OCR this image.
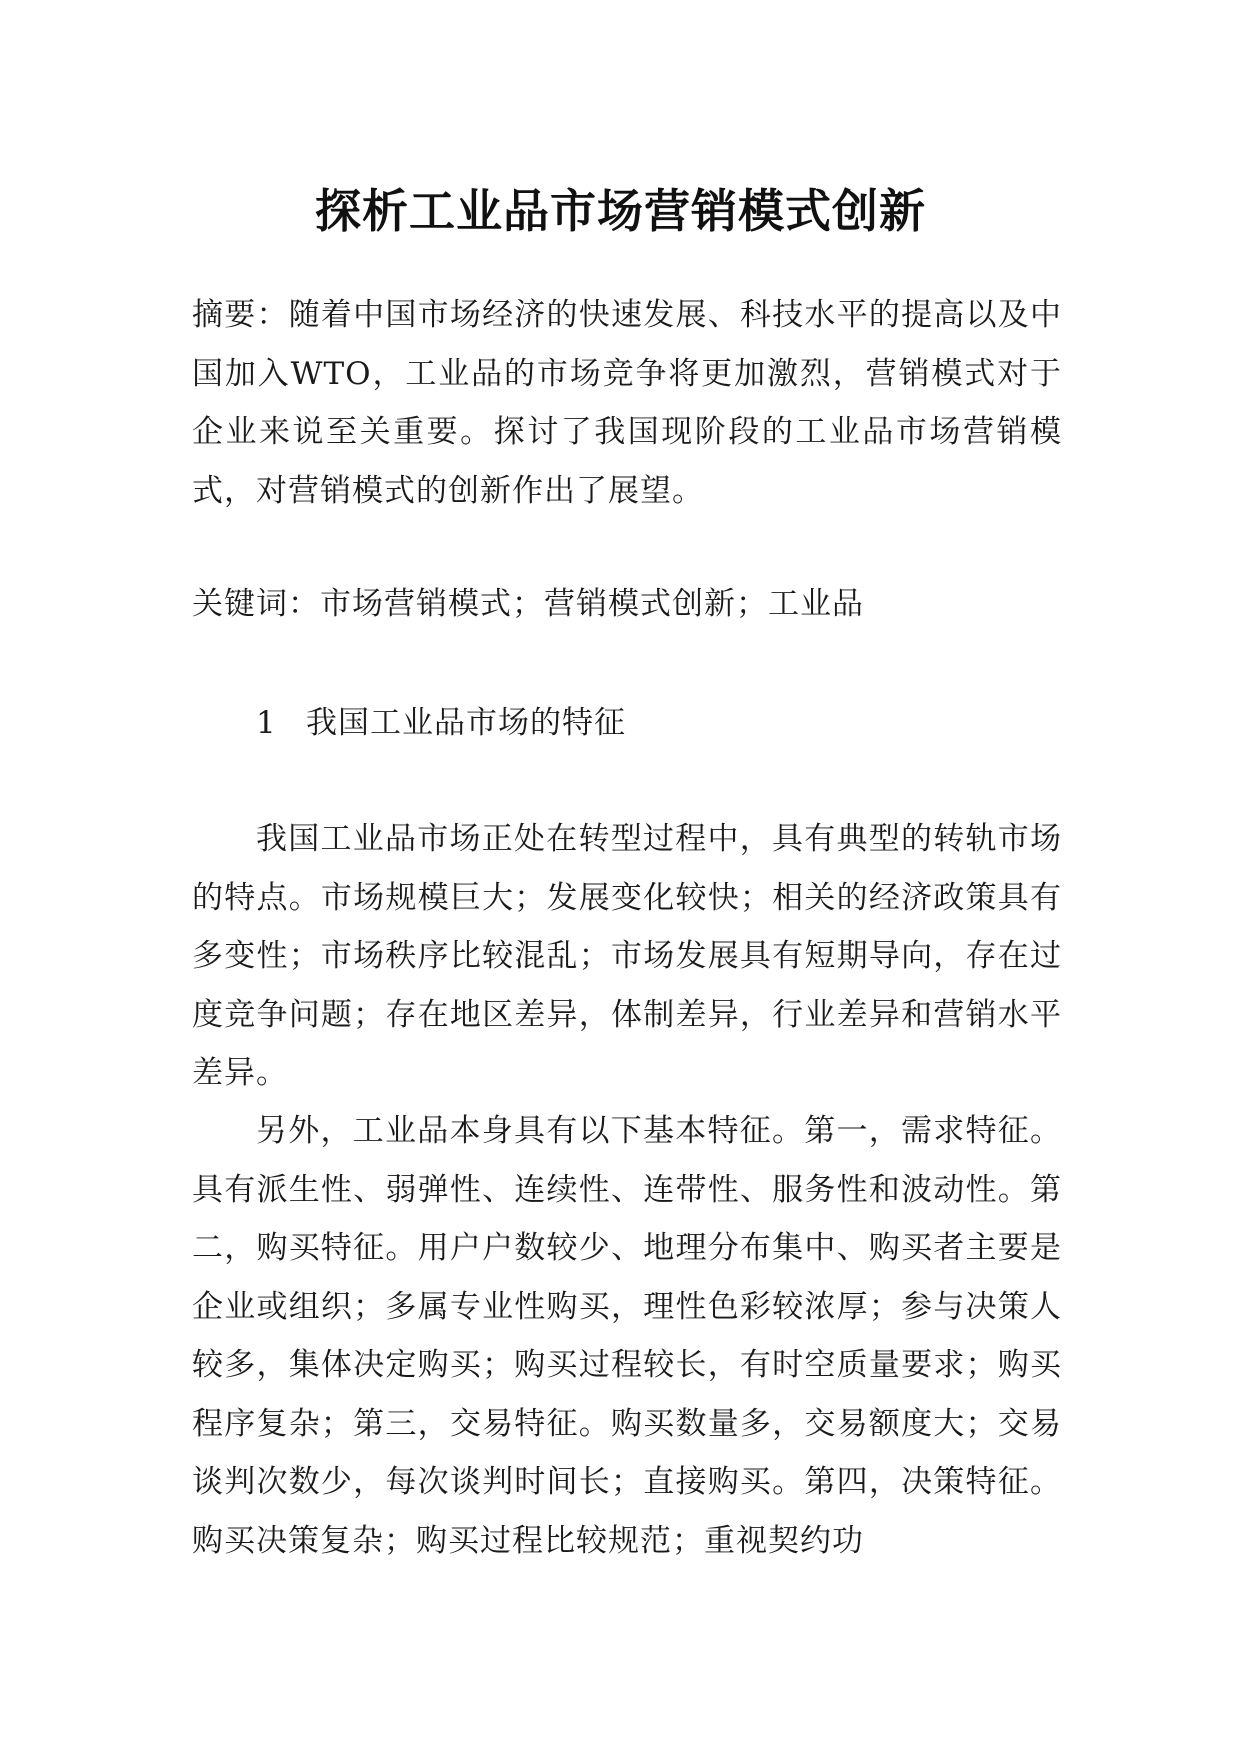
探析工业品市场营销模式创新

摘要：随着中国市场经济的快速发展、科技水平的提高以及中国加入WTO，工业品的市场竞争将更加激烈，营销模式对于企业来说至关重要。探讨了我国现阶段的工业品市场营销模式，对营销模式的创新作出了展望。

关键词：市场营销模式；营销模式创新；工业品

1 我国工业品市场的特征

我国工业品市场正处在转型过程中，具有典型的转轨市场的特点。市场规模巨大；发展变化较快；相关的经济政策具有多变性；市场秩序比较混乱；市场发展具有短期导向，存在过度竞争问题；存在地区差异，体制差异，行业差异和营销水平差异。

另外，工业品本身具有以下基本特征。第一，需求特征。具有派生性、弱弹性、连续性、连带性、服务性和波动性。第二，购买特征。用户户数较少、地理分布集中、购买者主要是企业或组织；多属专业性购买，理性色彩较浓厚；参与决策人较多，集体决定购买；购买过程较长，有时空质量要求；购买程序复杂；第三，交易特征。购买数量多，交易额度大；交易谈判次数少，每次谈判时间长；直接购买。第四，决策特征。购买决策复杂；购买过程比较规范；重视契约功
